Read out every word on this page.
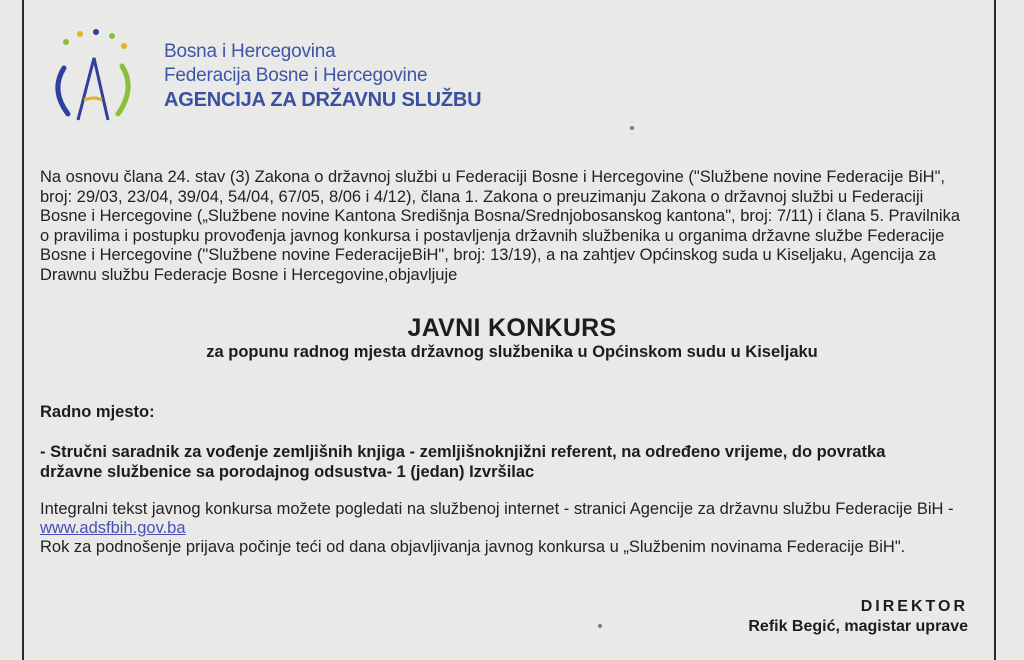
Bosna i Hercegovina
Federacija Bosne i Hercegovine
AGENCIJA ZA DRŽAVNU SLUŽBU
Na osnovu člana 24. stav (3) Zakona o državnoj službi u Federaciji Bosne i Hercegovine ("Službene novine Federacije BiH", broj: 29/03, 23/04, 39/04, 54/04, 67/05, 8/06 i 4/12), člana 1. Zakona o preuzimanju Zakona o državnoj službi u Federaciji Bosne i Hercegovine („Službene novine Kantona Središnja Bosna/Srednjobosanskog kantona", broj: 7/11) i člana 5. Pravilnika o pravilima i postupku provođenja javnog konkursa i postavljenja državnih službenika u organima državne službe Federacije Bosne i Hercegovine ("Službene novine FederacijeBiH", broj: 13/19), a na zahtjev Općinskog suda u Kiseljaku, Agencija za Drawnu službu Federacje Bosne i Hercegovine,objavljuje
JAVNI KONKURS
za popunu radnog mjesta državnog službenika u Općinskom sudu u Kiseljaku
Radno mjesto:
- Stručni saradnik za vođenje zemljišnih knjiga - zemljišnoknjižni referent, na određeno vrijeme, do povratka državne službenice sa porodajnog odsustva- 1 (jedan) Izvršilac
Integralni tekst javnog konkursa možete pogledati na službenoj internet - stranici Agencije za državnu službu Federacije BiH - www.adsfbih.gov.ba
Rok za podnošenje prijava počinje teći od dana objavljivanja javnog konkursa u „Službenim novinama Federacije BiH".
DIREKTOR
Refik Begić, magistar uprave
